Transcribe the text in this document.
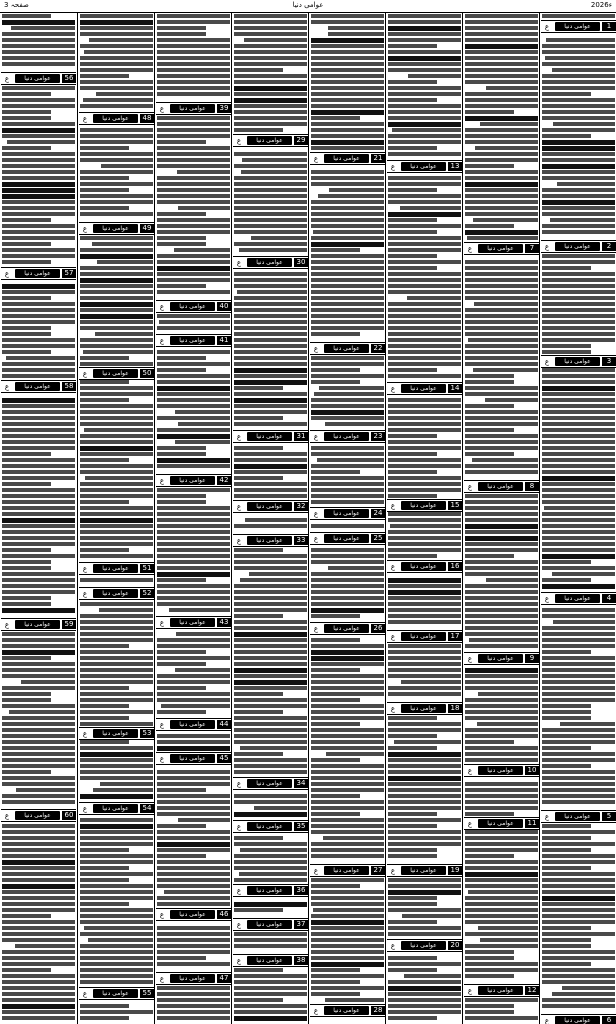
صفحہ 3	عوامی دنیا	2026ء
ع	عوامی دنیا	1
ع	عوامی دنیا	2
ع	عوامی دنیا	3
ع	عوامی دنیا	4
ع	عوامی دنیا	5
ع	عوامی دنیا	6
ع	عوامی دنیا	7
ع	عوامی دنیا	8
ع	عوامی دنیا	9
ع	عوامی دنیا	10
ع	عوامی دنیا	11
ع	عوامی دنیا	12
ع	عوامی دنیا	13
ع	عوامی دنیا	14
ع	عوامی دنیا	15
ع	عوامی دنیا	16
ع	عوامی دنیا	17
ع	عوامی دنیا	18
ع	عوامی دنیا	19
ع	عوامی دنیا	20
ع	عوامی دنیا	21
ع	عوامی دنیا	22
ع	عوامی دنیا	23
ع	عوامی دنیا	24
ع	عوامی دنیا	25
ع	عوامی دنیا	26
ع	عوامی دنیا	27
ع	عوامی دنیا	28
ع	عوامی دنیا	29
ع	عوامی دنیا	30
ع	عوامی دنیا	31
ع	عوامی دنیا	32
ع	عوامی دنیا	33
ع	عوامی دنیا	34
ع	عوامی دنیا	35
ع	عوامی دنیا	36
ع	عوامی دنیا	37
ع	عوامی دنیا	38
ع	عوامی دنیا	39
ع	عوامی دنیا	40
ع	عوامی دنیا	41
ع	عوامی دنیا	42
ع	عوامی دنیا	43
ع	عوامی دنیا	44
ع	عوامی دنیا	45
ع	عوامی دنیا	46
ع	عوامی دنیا	47
ع	عوامی دنیا	48
ع	عوامی دنیا	49
ع	عوامی دنیا	50
ع	عوامی دنیا	51
ع	عوامی دنیا	52
ع	عوامی دنیا	53
ع	عوامی دنیا	54
ع	عوامی دنیا	55
ع	عوامی دنیا	56
ع	عوامی دنیا	57
ع	عوامی دنیا	58
ع	عوامی دنیا	59
ع	عوامی دنیا	60
